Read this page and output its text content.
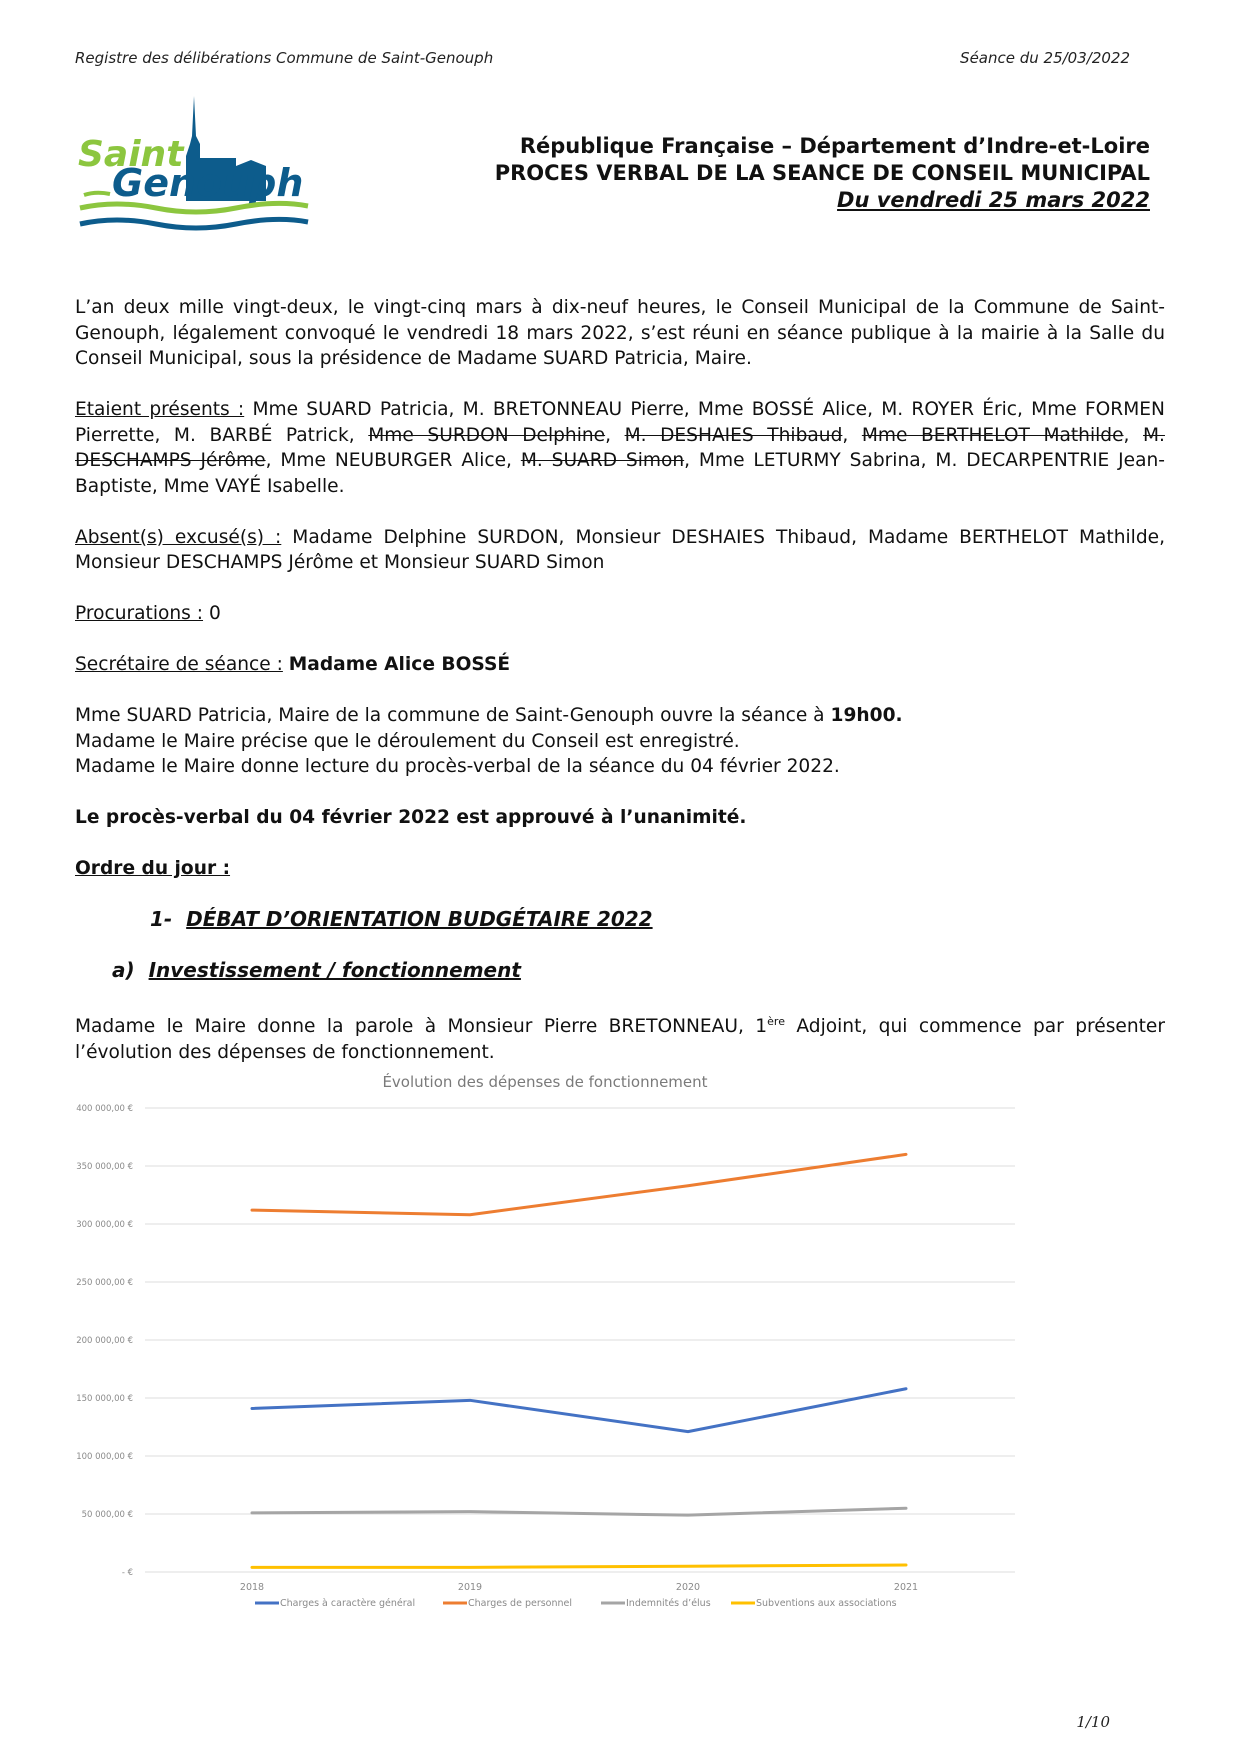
Registre des délibérations Commune de Saint-Genouph	Séance du 25/03/2022
Saint
Genouph
République Française – Département d’Indre-et-Loire
PROCES VERBAL DE LA SEANCE DE CONSEIL MUNICIPAL
Du vendredi 25 mars 2022

L’an deux mille vingt-deux, le vingt-cinq mars à dix-neuf heures, le Conseil Municipal de la Commune de Saint-Genouph, légalement convoqué le vendredi 18 mars 2022, s’est réuni en séance publique à la mairie à la Salle du Conseil Municipal, sous la présidence de Madame SUARD Patricia, Maire.

Etaient présents : Mme SUARD Patricia, M. BRETONNEAU Pierre, Mme BOSSÉ Alice, M. ROYER Éric, Mme FORMEN Pierrette, M. BARBÉ Patrick, Mme SURDON Delphine, M. DESHAIES Thibaud, Mme BERTHELOT Mathilde, M. DESCHAMPS Jérôme, Mme NEUBURGER Alice, M. SUARD Simon, Mme LETURMY Sabrina, M. DECARPENTRIE Jean-Baptiste, Mme VAYÉ Isabelle.

Absent(s) excusé(s) : Madame Delphine SURDON, Monsieur DESHAIES Thibaud, Madame BERTHELOT Mathilde, Monsieur DESCHAMPS Jérôme et Monsieur SUARD Simon

Procurations : 0

Secrétaire de séance : Madame Alice BOSSÉ

Mme SUARD Patricia, Maire de la commune de Saint-Genouph ouvre la séance à 19h00.

Madame le Maire précise que le déroulement du Conseil est enregistré.

Madame le Maire donne lecture du procès-verbal de la séance du 04 février 2022.

Le procès-verbal du 04 février 2022 est approuvé à l’unanimité.

Ordre du jour :

1- DÉBAT D’ORIENTATION BUDGÉTAIRE 2022

a) Investissement / fonctionnement

Madame le Maire donne la parole à Monsieur Pierre BRETONNEAU, 1ère Adjoint, qui commence par présenter l’évolution des dépenses de fonctionnement.

Évolution des dépenses de fonctionnement
- €
50 000,00 €
100 000,00 €
150 000,00 €
200 000,00 €
250 000,00 €
300 000,00 €
350 000,00 €
400 000,00 €
2018	2019	2020	2021
Charges à caractère général	Charges de personnel	Indemnités d’élus	Subventions aux associations
1/10
